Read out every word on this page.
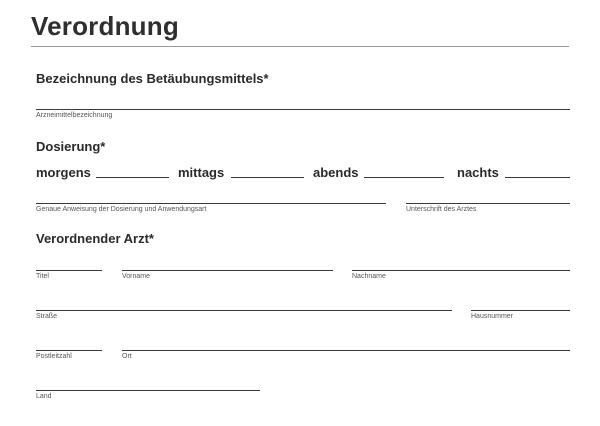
Verordnung
Bezeichnung des Betäubungsmittels*
Arzneimittelbezeichnung
Dosierung*
morgens	mittags	abends	nachts
Genaue Anweisung der Dosierung und Anwendungsart	Unterschrift des Arztes
Verordnender Arzt*
Titel	Vorname	Nachname
Straße	Hausnummer
Postleitzahl	Ort
Land
